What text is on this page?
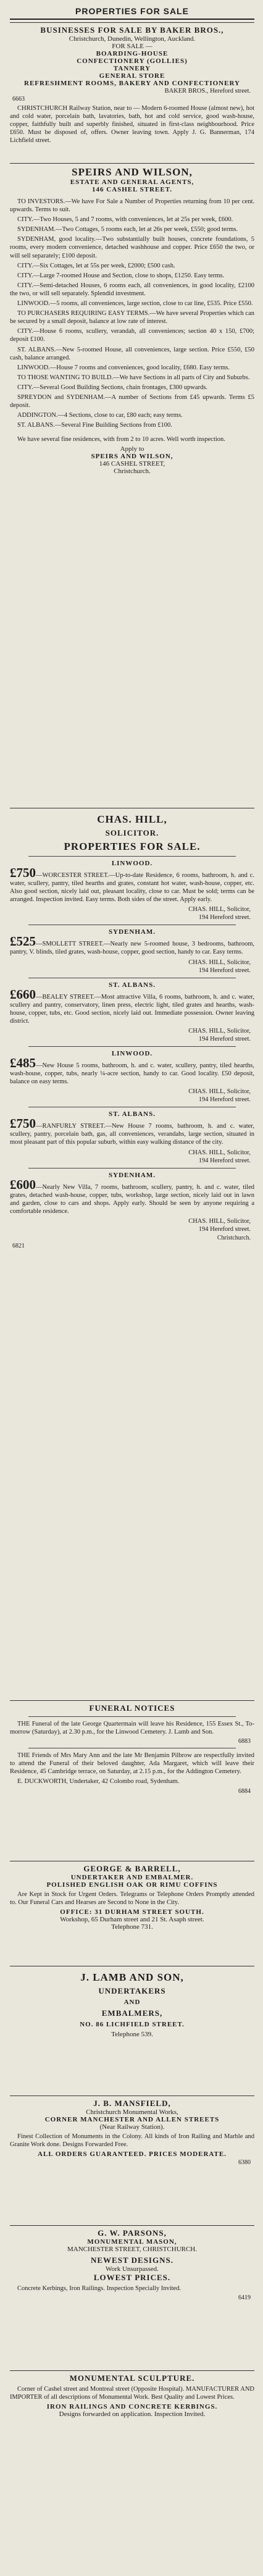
PROPERTIES FOR SALE
BUSINESSES FOR SALE BY BAKER BROS.,
Christchurch, Dunedin, Wellington, Auckland.
FOR SALE —
BOARDING-HOUSE
CONFECTIONERY (GOLLIES)
TANNERY
GENERAL STORE
REFRESHMENT ROOMS, BAKERY AND CONFECTIONERY
BAKER BROS., Hereford street.
6663
CHRISTCHURCH Railway Station, near to — Modern 6-roomed House (almost new), hot and cold water, porcelain bath, lavatories, bath, hot and cold service, good wash-house, copper, faithfully built and superbly finished, situated in first-class neighbourhood. Price £650. Must be disposed of, offers. Owner leaving town. Apply J. G. Bannerman, 174 Lichfield street.
SPEIRS AND WILSON,
ESTATE AND GENERAL AGENTS,
146 CASHEL STREET.
TO INVESTORS.—We have For Sale a Number of Properties returning from 10 per cent. upwards. Terms to suit.
CITY.—Two Houses, 5 and 7 rooms, with conveniences, let at 25s per week, £600.
SYDENHAM.—Two Cottages, 5 rooms each, let at 26s per week, £550; good terms.
SYDENHAM, good locality.—Two substantially built houses, concrete foundations, 5 rooms, every modern convenience, detached washhouse and copper. Price £650 the two, or will sell separately; £100 deposit.
CITY.—Six Cottages, let at 55s per week, £2000; £500 cash.
CITY.—Large 7-roomed House and Section, close to shops, £1250. Easy terms.
CITY.—Semi-detached Houses, 6 rooms each, all conveniences, in good locality, £2100 the two, or will sell separately. Splendid investment.
LINWOOD.—5 rooms, all conveniences, large section, close to car line, £535. Price £550.
TO PURCHASERS REQUIRING EASY TERMS.—We have several Properties which can be secured by a small deposit, balance at low rate of interest.
CITY.—House 6 rooms, scullery, verandah, all conveniences; section 40 x 150, £700; deposit £100.
ST. ALBANS.—New 5-roomed House, all conveniences, large section. Price £550, £50 cash, balance arranged.
LINWOOD.—House 7 rooms and conveniences, good locality, £680. Easy terms.
TO THOSE WANTING TO BUILD.—We have Sections in all parts of City and Suburbs.
CITY.—Several Good Building Sections, chain frontages, £300 upwards.
SPREYDON and SYDENHAM.—A number of Sections from £45 upwards. Terms £5 deposit.
ADDINGTON.—4 Sections, close to car, £80 each; easy terms.
ST. ALBANS.—Several Fine Building Sections from £100.
We have several fine residences, with from 2 to 10 acres. Well worth inspection.
Apply to
SPEIRS AND WILSON,
146 CASHEL STREET,
Christchurch.
CHAS. HILL,
SOLICITOR.
PROPERTIES FOR SALE.
LINWOOD.
£750—WORCESTER STREET.—Up-to-date Residence, 6 rooms, bathroom, h. and c. water, scullery, pantry, tiled hearths and grates, constant hot water, wash-house, copper, etc. Also good section, nicely laid out, pleasant locality, close to car. Must be sold; terms can be arranged. Inspection invited. Easy terms. Both sides of the street. Apply early.
CHAS. HILL, Solicitor,
194 Hereford street.
SYDENHAM.
£525—SMOLLETT STREET.—Nearly new 5-roomed house, 3 bedrooms, bathroom, pantry, V. blinds, tiled grates, wash-house, copper, good section, handy to car. Easy terms.
CHAS. HILL, Solicitor,
194 Hereford street.
ST. ALBANS.
£660—BEALEY STREET.—Most attractive Villa, 6 rooms, bathroom, h. and c. water, scullery and pantry, conservatory, linen press, electric light, tiled grates and hearths, wash-house, copper, tubs, etc. Good section, nicely laid out. Immediate possession. Owner leaving district.
CHAS. HILL, Solicitor,
194 Hereford street.
LINWOOD.
£485—New House 5 rooms, bathroom, h. and c. water, scullery, pantry, tiled hearths, wash-house, copper, tubs, nearly ¼-acre section, handy to car. Good locality. £50 deposit, balance on easy terms.
CHAS. HILL, Solicitor,
194 Hereford street.
ST. ALBANS.
£750—RANFURLY STREET.—New House 7 rooms, bathroom, h. and c. water, scullery, pantry, porcelain bath, gas, all conveniences, verandahs, large section, situated in most pleasant part of this popular suburb, within easy walking distance of the city.
CHAS. HILL, Solicitor,
194 Hereford street.
SYDENHAM.
£600—Nearly New Villa, 7 rooms, bathroom, scullery, pantry, h. and c. water, tiled grates, detached wash-house, copper, tubs, workshop, large section, nicely laid out in lawn and garden, close to cars and shops. Apply early. Should be seen by anyone requiring a comfortable residence.
CHAS. HILL, Solicitor,
194 Hereford street.
Christchurch.
6821
FUNERAL NOTICES
THE Funeral of the late George Quartermain will leave his Residence, 155 Essex St., To-morrow (Saturday), at 2.30 p.m., for the Linwood Cemetery. J. Lamb and Son.
6883
THE Friends of Mrs Mary Ann and the late Mr Benjamin Pilbrow are respectfully invited to attend the Funeral of their beloved daughter, Ada Margaret, which will leave their Residence, 45 Cambridge terrace, on Saturday, at 2.15 p.m., for the Addington Cemetery.
E. DUCKWORTH, Undertaker, 42 Colombo road, Sydenham.
6884
GEORGE & BARRELL,
UNDERTAKER AND EMBALMER.
POLISHED ENGLISH OAK OR RIMU COFFINS
Are Kept in Stock for Urgent Orders. Telegrams or Telephone Orders Promptly attended to. Our Funeral Cars and Hearses are Second to None in the City.
OFFICE: 31 DURHAM STREET SOUTH.
Workshop, 65 Durham street and 21 St. Asaph street.
Telephone 731.
J. LAMB AND SON,
UNDERTAKERS
AND
EMBALMERS,
NO. 86 LICHFIELD STREET.
Telephone 539.
J. B. MANSFIELD,
Christchurch Monumental Works,
CORNER MANCHESTER AND ALLEN STREETS
(Near Railway Station).
Finest Collection of Monuments in the Colony. All kinds of Iron Railing and Marble and Granite Work done. Designs Forwarded Free.
ALL ORDERS GUARANTEED. PRICES MODERATE.
6380
G. W. PARSONS,
MONUMENTAL MASON,
MANCHESTER STREET, CHRISTCHURCH.
NEWEST DESIGNS.
Work Unsurpassed.
LOWEST PRICES.
Concrete Kerbings, Iron Railings. Inspection Specially Invited.
6419
MONUMENTAL SCULPTURE.
Corner of Cashel street and Montreal street (Opposite Hospital). MANUFACTURER AND IMPORTER of all descriptions of Monumental Work. Best Quality and Lowest Prices.
IRON RAILINGS AND CONCRETE KERBINGS.
Designs forwarded on application. Inspection Invited.
